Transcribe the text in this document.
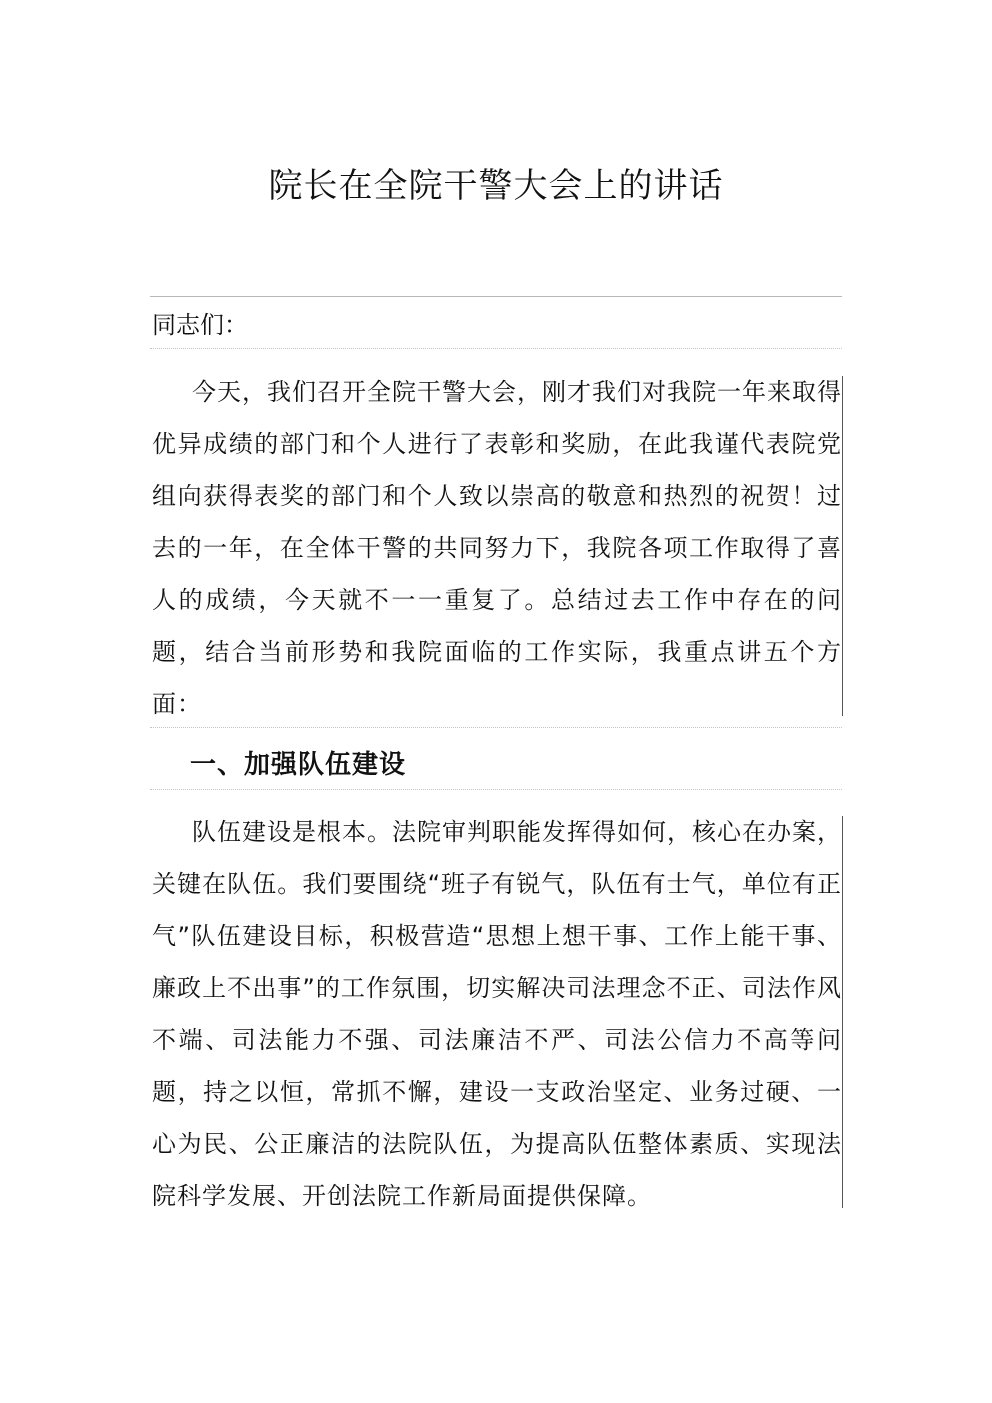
院长在全院干警大会上的讲话

同志们：

今天，我们召开全院干警大会，刚才我们对我院一年来取得优异成绩的部门和个人进行了表彰和奖励，在此我谨代表院党组向获得表奖的部门和个人致以崇高的敬意和热烈的祝贺！过去的一年，在全体干警的共同努力下，我院各项工作取得了喜人的成绩，今天就不一一重复了。总结过去工作中存在的问题，结合当前形势和我院面临的工作实际，我重点讲五个方面：

一、加强队伍建设

队伍建设是根本。法院审判职能发挥得如何，核心在办案，关键在队伍。我们要围绕“班子有锐气，队伍有士气，单位有正气”队伍建设目标，积极营造“思想上想干事、工作上能干事、廉政上不出事”的工作氛围，切实解决司法理念不正、司法作风不端、司法能力不强、司法廉洁不严、司法公信力不高等问题，持之以恒，常抓不懈，建设一支政治坚定、业务过硬、一心为民、公正廉洁的法院队伍，为提高队伍整体素质、实现法院科学发展、开创法院工作新局面提供保障。
